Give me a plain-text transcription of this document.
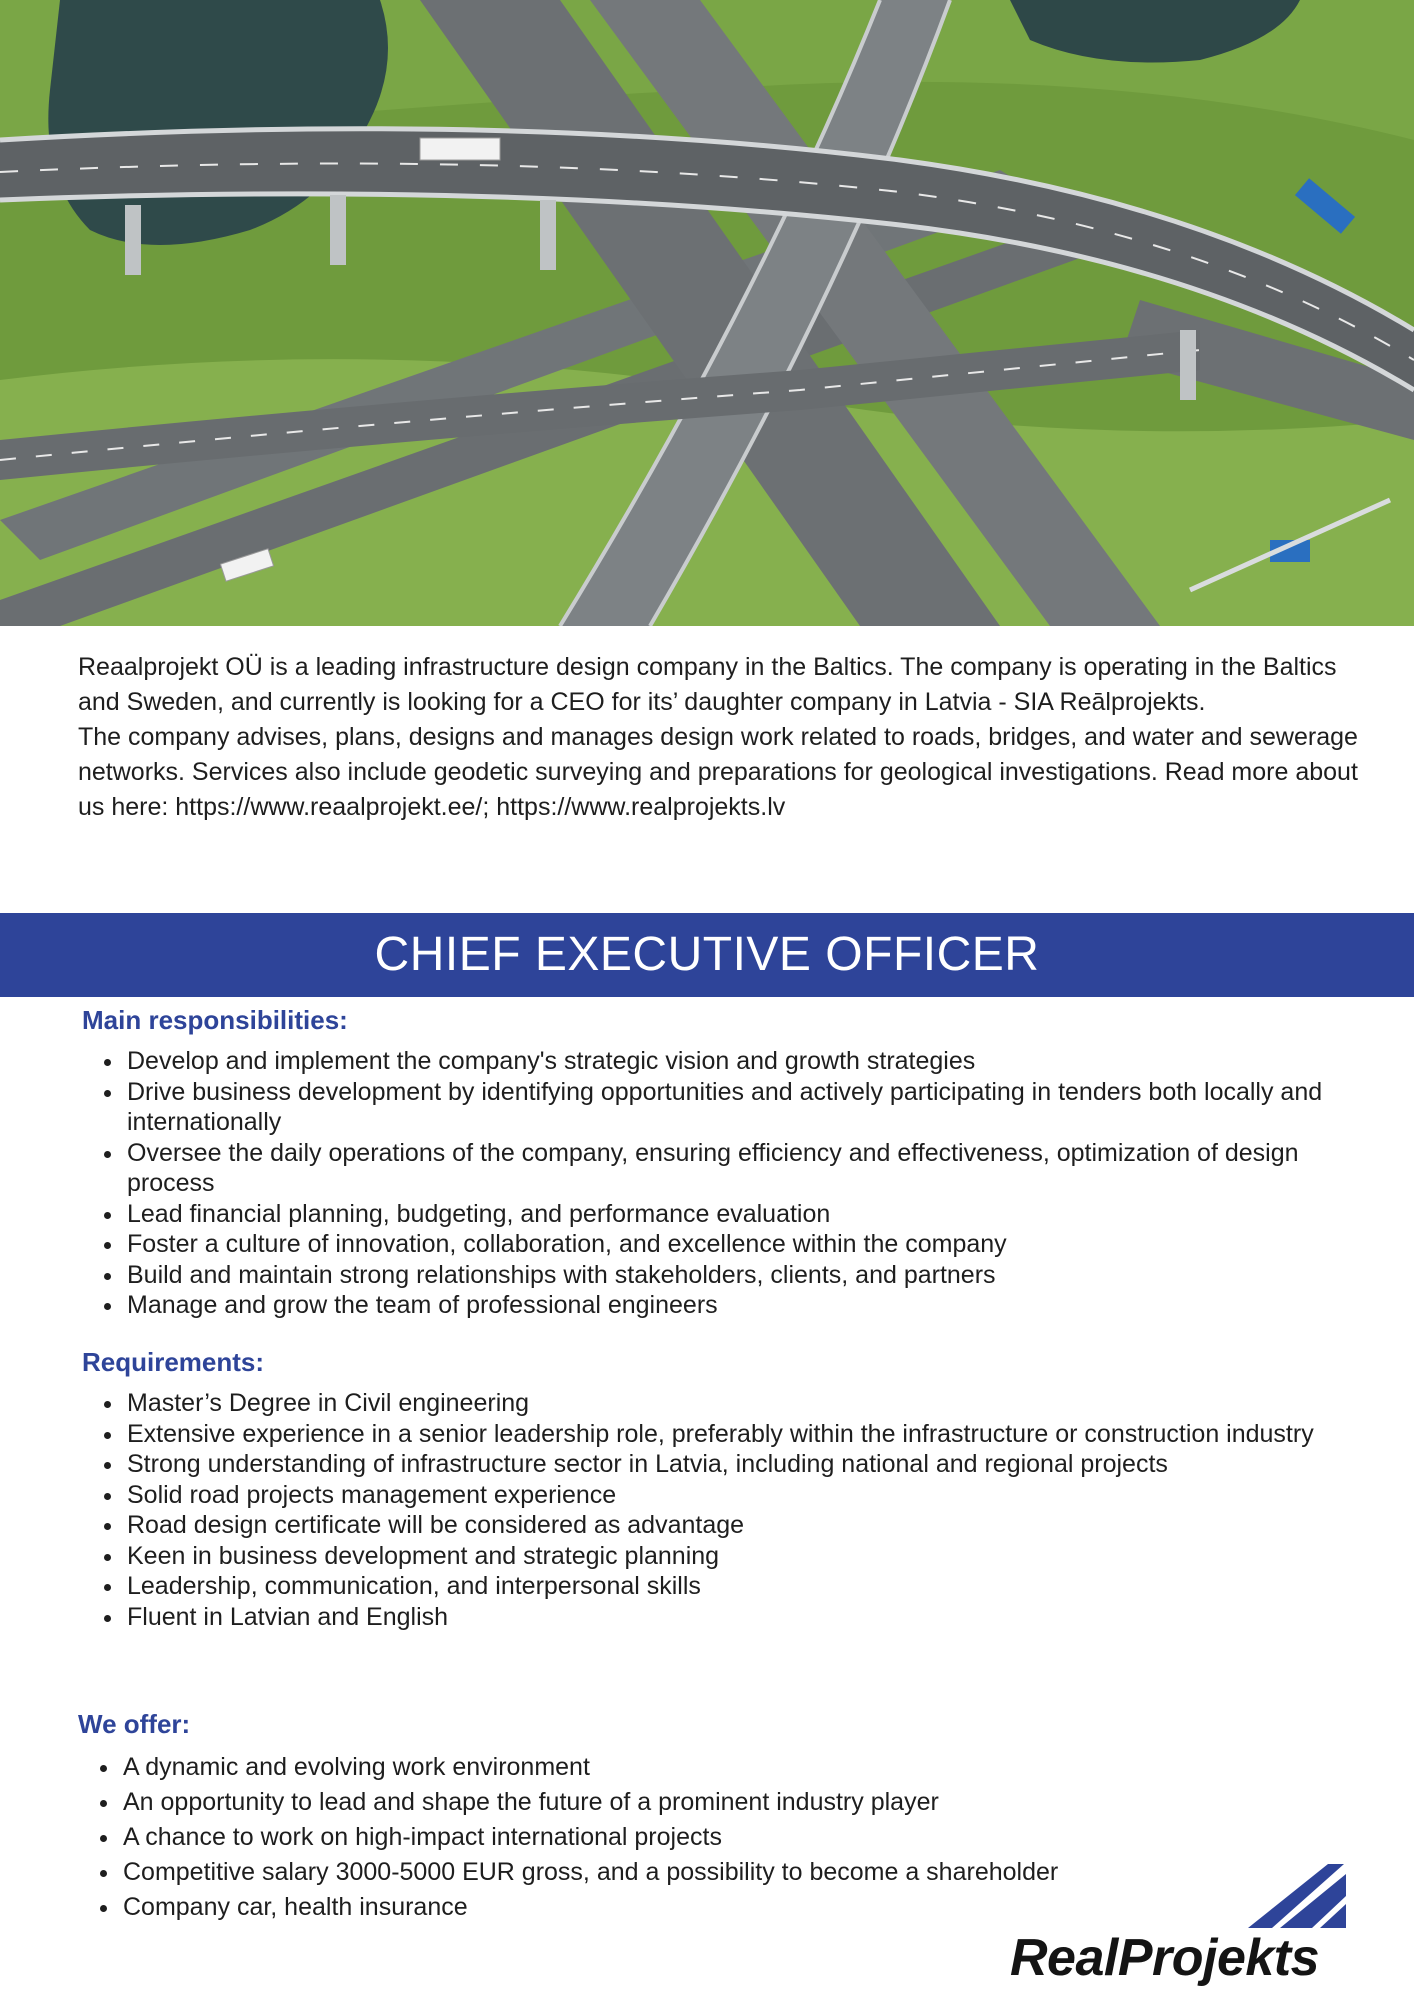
Reaalprojekt OÜ is a leading infrastructure design company in the Baltics. The company is operating in the Baltics and Sweden, and currently is looking for a CEO for its’ daughter company in Latvia - SIA Reālprojekts.

The company advises, plans, designs and manages design work related to roads, bridges, and water and sewerage networks. Services also include geodetic surveying and preparations for geological investigations. Read more about us here: https://www.reaalprojekt.ee/; https://www.realprojekts.lv

CHIEF EXECUTIVE OFFICER
Main responsibilities:
• Develop and implement the company's strategic vision and growth strategies
• Drive business development by identifying opportunities and actively participating in tenders both locally and internationally
• Oversee the daily operations of the company, ensuring efficiency and effectiveness, optimization of design process
• Lead financial planning, budgeting, and performance evaluation
• Foster a culture of innovation, collaboration, and excellence within the company
• Build and maintain strong relationships with stakeholders, clients, and partners
• Manage and grow the team of professional engineers
Requirements:
• Master’s Degree in Civil engineering
• Extensive experience in a senior leadership role, preferably within the infrastructure or construction industry
• Strong understanding of infrastructure sector in Latvia, including national and regional projects
• Solid road projects management experience
• Road design certificate will be considered as advantage
• Keen in business development and strategic planning
• Leadership, communication, and interpersonal skills
• Fluent in Latvian and English
We offer:
• A dynamic and evolving work environment
• An opportunity to lead and shape the future of a prominent industry player
• A chance to work on high-impact international projects
• Competitive salary 3000-5000 EUR gross, and a possibility to become a shareholder
• Company car, health insurance
RealProjekts
